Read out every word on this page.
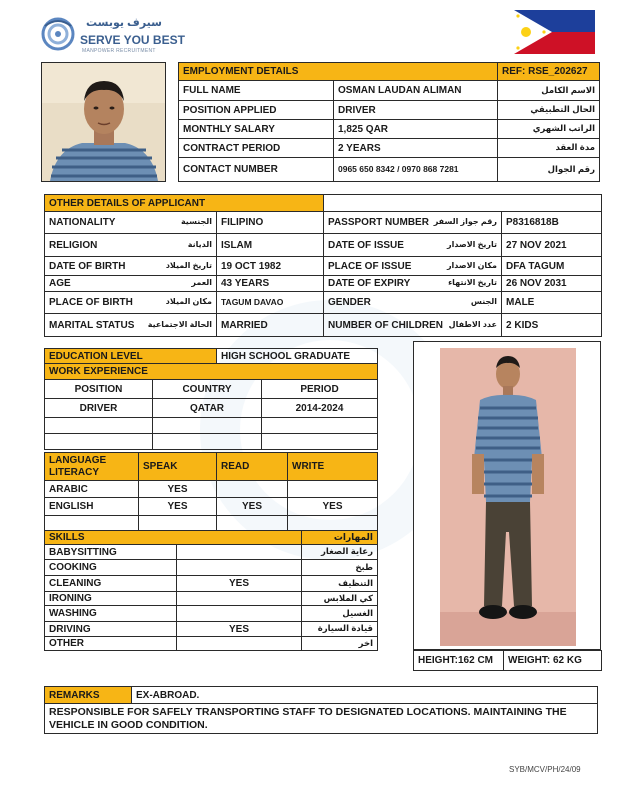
سيرف يوبست
SERVE YOU BEST
MANPOWER RECRUITMENT
EMPLOYMENT DETAILS		REF: RSE_202627
FULL NAME	OSMAN LAUDAN ALIMAN	الاسم الكامل
POSITION APPLIED	DRIVER	الحال التطبيقي
MONTHLY SALARY	1,825 QAR	الراتب الشهري
CONTRACT PERIOD	2 YEARS	مدة العقد
CONTACT NUMBER	0965 650 8342 / 0970 868 7281	رقم الجوال
OTHER DETAILS OF APPLICANT			

NATIONALITY الجنسية	FILIPINO	PASSPORT NUMBER رقم جواز السفر	P8316818B

RELIGION الديانة	ISLAM	DATE OF ISSUE تاريخ الاصدار	27 NOV 2021

DATE OF BIRTH تاريخ الميلاد	19 OCT 1982	PLACE OF ISSUE مكان الاصدار	DFA TAGUM

AGE العمر	43 YEARS	DATE OF EXPIRY تاريخ الانتهاء	26 NOV 2031

PLACE OF BIRTH مكان الميلاد	TAGUM DAVAO	GENDER الجنس	MALE

MARITAL STATUS الحالة الاجتماعية	MARRIED	NUMBER OF CHILDREN عدد الاطفال	2 KIDS
EDUCATION LEVEL		HIGH SCHOOL GRADUATE	
WORK EXPERIENCE			
POSITION	COUNTRY		PERIOD
DRIVER	QATAR		2014-2024

LANGUAGE LITERACY	SPEAK	READ	WRITE
ARABIC	YES		
ENGLISH	YES	YES	YES

SKILLS		المهارات
BABYSITTING		رعاية الصغار
COOKING		طبخ
CLEANING	YES	التنظيف
IRONING		كي الملابس
WASHING		الغسيل
DRIVING	YES	قيادة السيارة
OTHER		اخر
HEIGHT:162 CM	WEIGHT: 62 KG
REMARKS	EX-ABROAD.
RESPONSIBLE FOR SAFELY TRANSPORTING STAFF TO DESIGNATED LOCATIONS. MAINTAINING THE VEHICLE IN GOOD CONDITION.
SYB/MCV/PH/24/09
